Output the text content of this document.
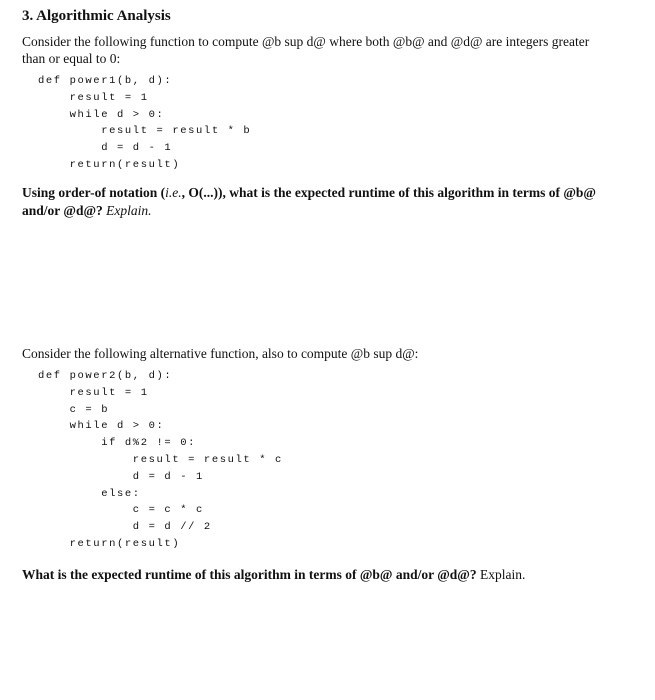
3. Algorithmic Analysis
Consider the following function to compute @b sup d@ where both @b@ and @d@ are integers greater
than or equal to 0:
def power1(b, d):
result = 1
while d > 0:
result = result * b
d = d - 1
return(result)
Using order-of notation (i.e., O(...)), what is the expected runtime of this algorithm in terms of @b@
and/or @d@? Explain.
Consider the following alternative function, also to compute @b sup d@:
def power2(b, d):
result = 1
c = b
while d > 0:
if d%2 != 0:
result = result * c
d = d - 1
else:
c = c * c
d = d // 2
return(result)
What is the expected runtime of this algorithm in terms of @b@ and/or @d@? Explain.
